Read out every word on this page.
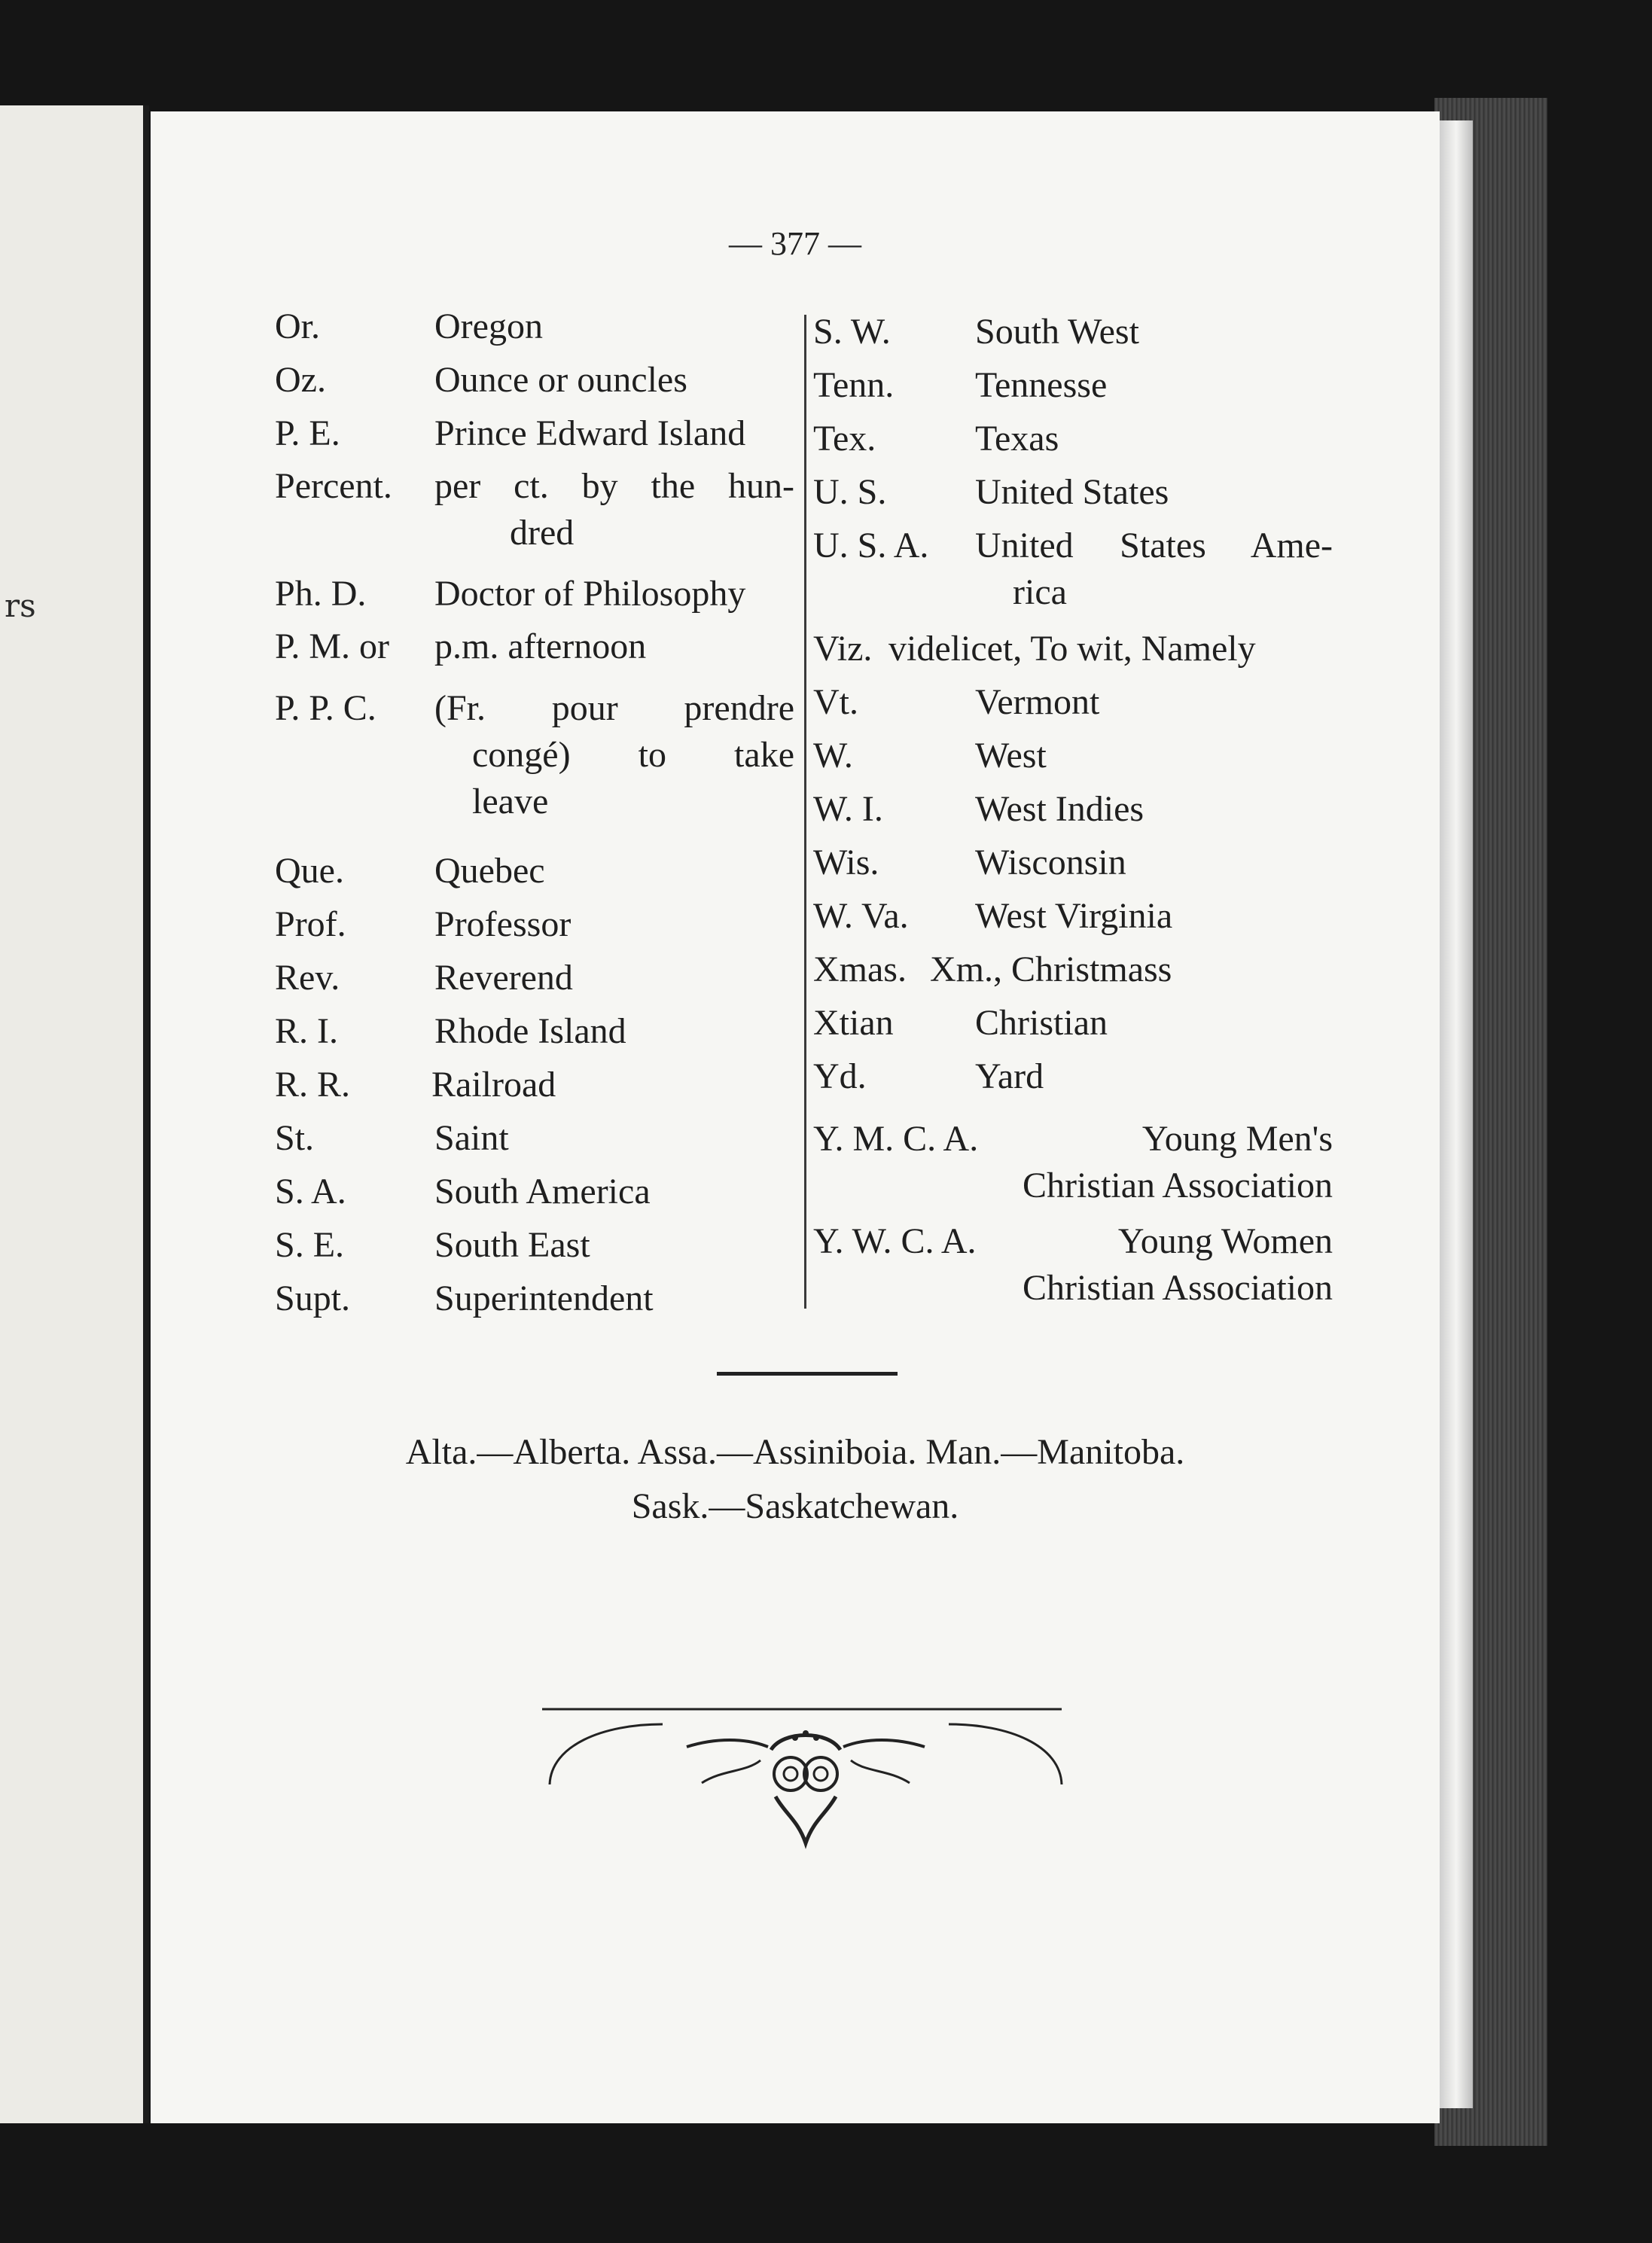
rs
— 377 —
Or.	Oregon
Oz.	Ounce or ouncles
P. E.	Prince Edward Island
Percent. per ct. by the hun-
dred
Ph. D. Doctor of Philosophy
P. M. or p.m. afternoon
P. P. C. (Fr. pour prendre
congé) to take
leave
Que.	Quebec
Prof. Professor
Rev.	Reverend
R. I.	Rhode Island
R. R. Railroad
St.	Saint
S. A. South America
S. E. South East
Supt. Superintendent
S. W. South West
Tenn. Tennesse
Tex.	Texas
U. S. United States
U. S. A. United States Ame-
rica
Viz. videlicet, To wit, Namely
Vt.	Vermont
W.	West
W. I.	West Indies
Wis.	Wisconsin
W. Va. West Virginia
Xmas. Xm., Christmass
Xtian Christian
Yd.	Yard
Y. M. C. A.	Young Men's
Christian Association
Y. W. C. A.	Young Women
Christian Association
Alta.—Alberta. Assa.—Assiniboia. Man.—Manitoba.
Sask.—Saskatchewan.
